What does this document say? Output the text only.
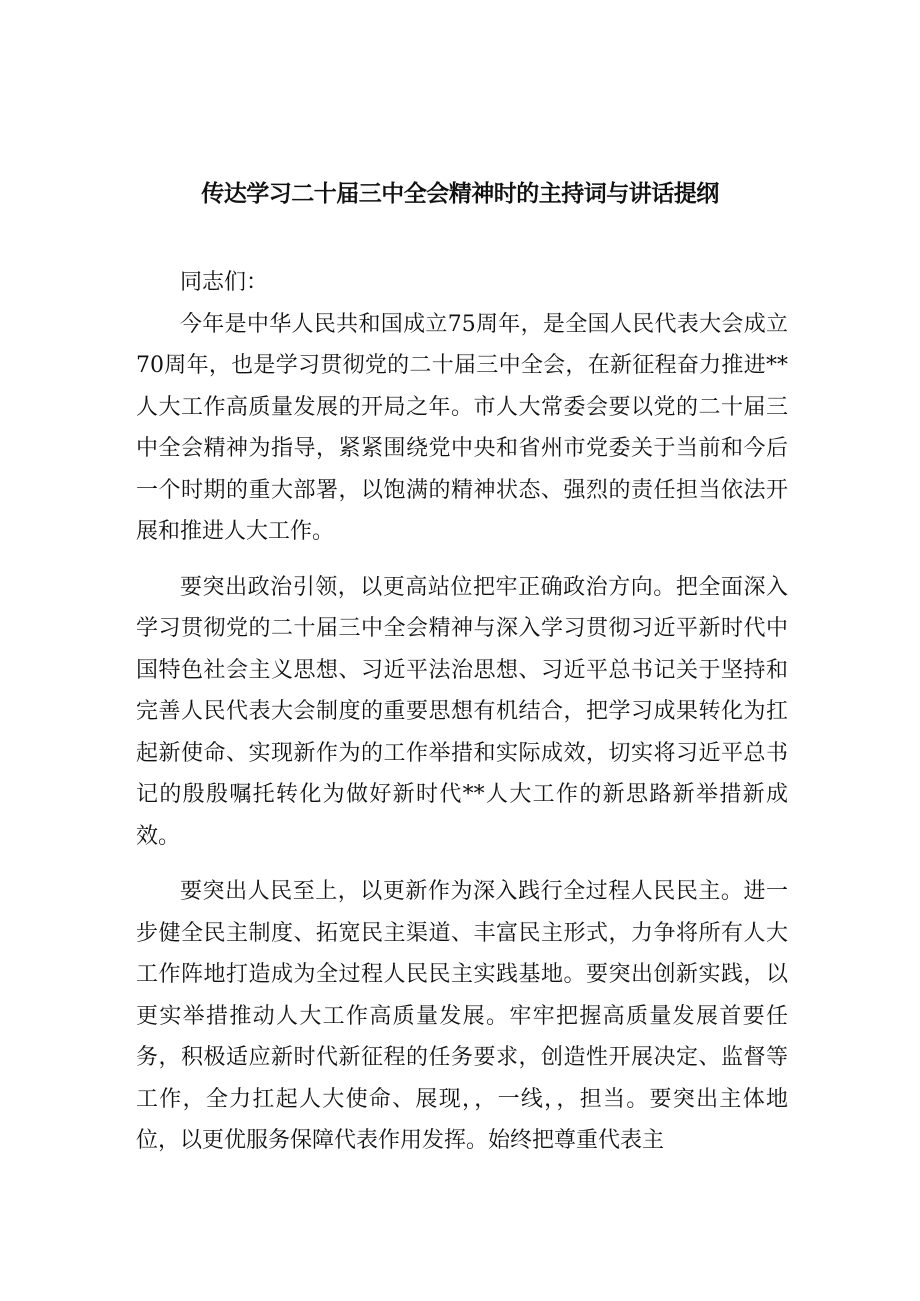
传达学习二十届三中全会精神时的主持词与讲话提纲

同志们：

今年是中华人民共和国成立75周年，是全国人民代表大会成立70周年，也是学习贯彻党的二十届三中全会，在新征程奋力推进**人大工作高质量发展的开局之年。市人大常委会要以党的二十届三中全会精神为指导，紧紧围绕党中央和省州市党委关于当前和今后一个时期的重大部署，以饱满的精神状态、强烈的责任担当依法开展和推进人大工作。

要突出政治引领，以更高站位把牢正确政治方向。把全面深入学习贯彻党的二十届三中全会精神与深入学习贯彻习近平新时代中国特色社会主义思想、习近平法治思想、习近平总书记关于坚持和完善人民代表大会制度的重要思想有机结合，把学习成果转化为扛起新使命、实现新作为的工作举措和实际成效，切实将习近平总书记的殷殷嘱托转化为做好新时代**人大工作的新思路新举措新成效。

要突出人民至上，以更新作为深入践行全过程人民民主。进一步健全民主制度、拓宽民主渠道、丰富民主形式，力争将所有人大工作阵地打造成为全过程人民民主实践基地。要突出创新实践，以更实举措推动人大工作高质量发展。牢牢把握高质量发展首要任务，积极适应新时代新征程的任务要求，创造性开展决定、监督等工作，全力扛起人大使命、展现，，一线，，担当。要突出主体地位，以更优服务保障代表作用发挥。始终把尊重代表主
